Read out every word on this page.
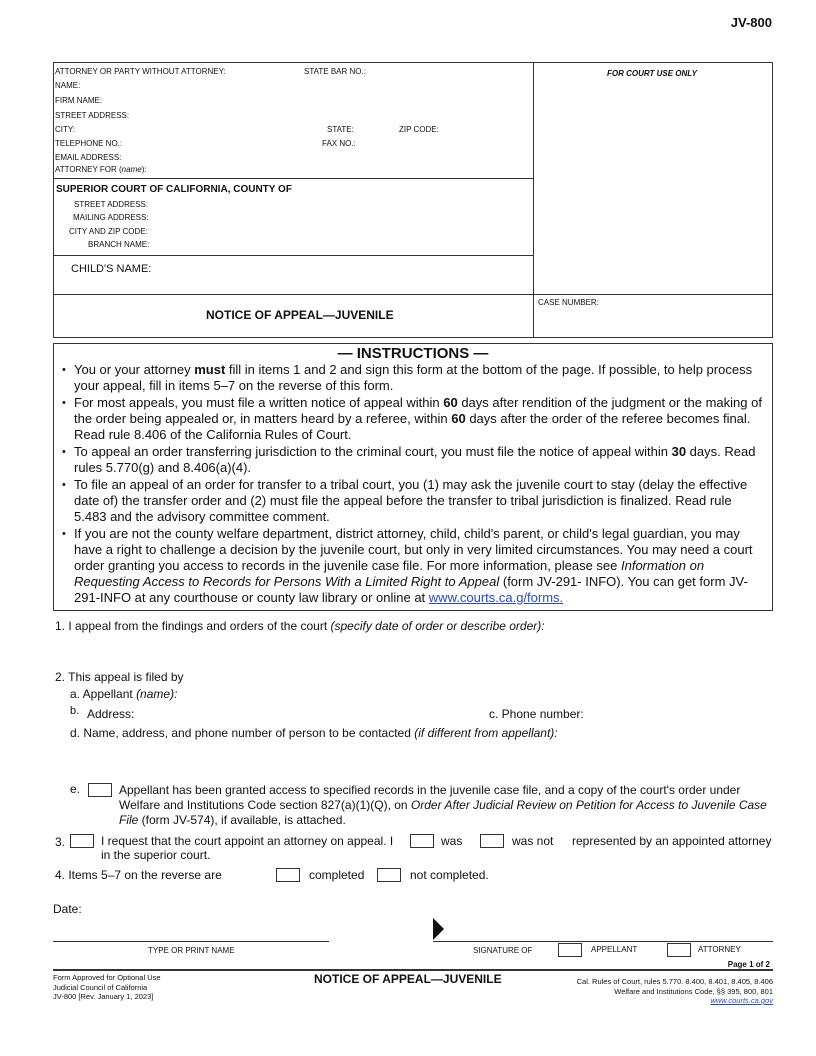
JV-800
ATTORNEY OR PARTY WITHOUT ATTORNEY:	STATE BAR NO.:
NAME:
FIRM NAME:
STREET ADDRESS:
CITY:	STATE:	ZIP CODE:
TELEPHONE NO.:	FAX NO.:
EMAIL ADDRESS:
ATTORNEY FOR (name):
FOR COURT USE ONLY
SUPERIOR COURT OF CALIFORNIA, COUNTY OF
STREET ADDRESS:
MAILING ADDRESS:
CITY AND ZIP CODE:
BRANCH NAME:
CHILD'S NAME:
NOTICE OF APPEAL—JUVENILE
CASE NUMBER:
— INSTRUCTIONS —
• You or your attorney must fill in items 1 and 2 and sign this form at the bottom of the page. If possible, to help process your appeal, fill in items 5–7 on the reverse of this form.
• For most appeals, you must file a written notice of appeal within 60 days after rendition of the judgment or the making of the order being appealed or, in matters heard by a referee, within 60 days after the order of the referee becomes final. Read rule 8.406 of the California Rules of Court.
• To appeal an order transferring jurisdiction to the criminal court, you must file the notice of appeal within 30 days. Read rules 5.770(g) and 8.406(a)(4).
• To file an appeal of an order for transfer to a tribal court, you (1) may ask the juvenile court to stay (delay the effective date of) the transfer order and (2) must file the appeal before the transfer to tribal jurisdiction is finalized. Read rule 5.483 and the advisory committee comment.
• If you are not the county welfare department, district attorney, child, child's parent, or child's legal guardian, you may have a right to challenge a decision by the juvenile court, but only in very limited circumstances. You may need a court order granting you access to records in the juvenile case file. For more information, please see Information on Requesting Access to Records for Persons With a Limited Right to Appeal (form JV-291- INFO). You can get form JV-291-INFO at any courthouse or county law library or online at www.courts.ca.g/forms.
1. I appeal from the findings and orders of the court (specify date of order or describe order):
2. This appeal is filed by
a. Appellant (name):
b. Address:	c. Phone number:
d. Name, address, and phone number of person to be contacted (if different from appellant):
e.	Appellant has been granted access to specified records in the juvenile case file, and a copy of the court's order under
Welfare and Institutions Code section 827(a)(1)(Q), on Order After Judicial Review on Petition for Access to Juvenile Case
File (form JV-574), if available, is attached.
3.	I request that the court appoint an attorney on appeal. I
in the superior court.
was	was not represented by an appointed attorney
4. Items 5–7 on the reverse are	completed	not completed.
Date:
TYPE OR PRINT NAME	SIGNATURE OF	APPELLANT	ATTORNEY
Page 1 of 2
Form Approved for Optional Use
Judicial Council of California
JV-800 [Rev. January 1, 2023]
NOTICE OF APPEAL—JUVENILE	Cal. Rules of Court, rules 5.770. 8.400, 8.401, 8.405, 8.406
Welfare and Institutions Code, §§ 395, 800, 801
www.courts.ca.gov
